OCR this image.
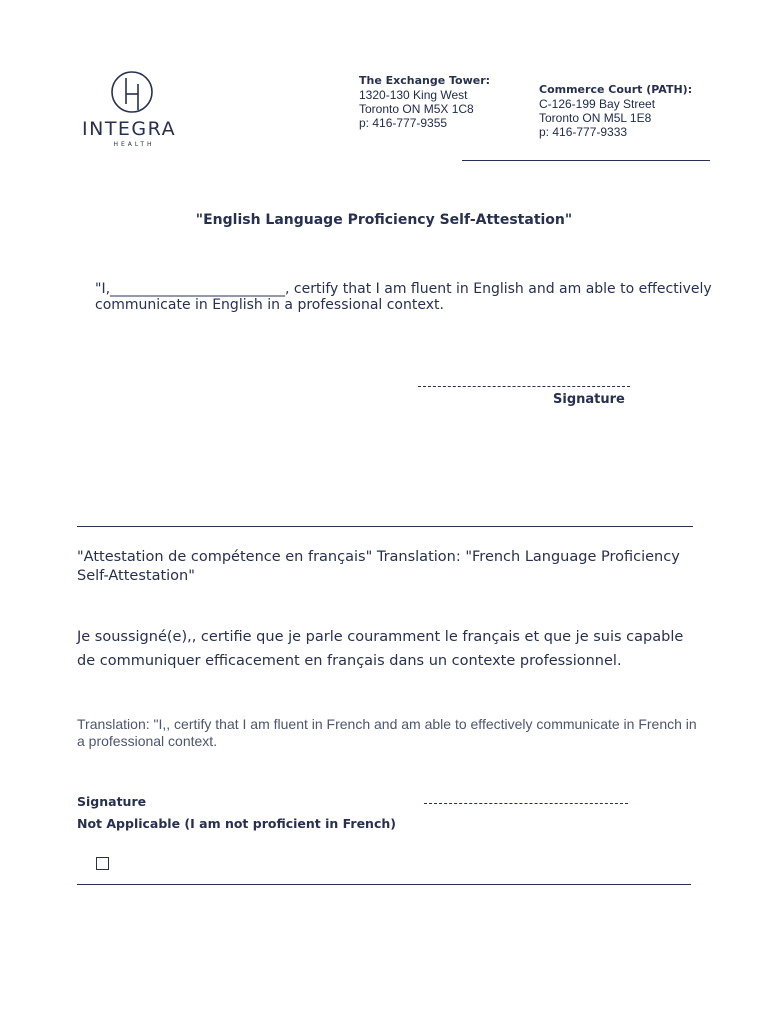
INTEGRA
HEALTH
The Exchange Tower:
1320-130 King West
Toronto ON M5X 1C8
p: 416-777-9355
Commerce Court (PATH):
C-126-199 Bay Street
Toronto ON M5L 1E8
p: 416-777-9333
"English Language Proficiency Self-Attestation"
"I,_________________________, certify that I am fluent in English and am able to effectively communicate in English in a professional context.
Signature
"Attestation de compétence en français" Translation: "French Language Proficiency Self-Attestation"
Je soussigné(e),, certifie que je parle couramment le français et que je suis capable de communiquer efficacement en français dans un contexte professionnel.
Translation: "I,, certify that I am fluent in French and am able to effectively communicate in French in a professional context.
Signature
Not Applicable (I am not proficient in French)
